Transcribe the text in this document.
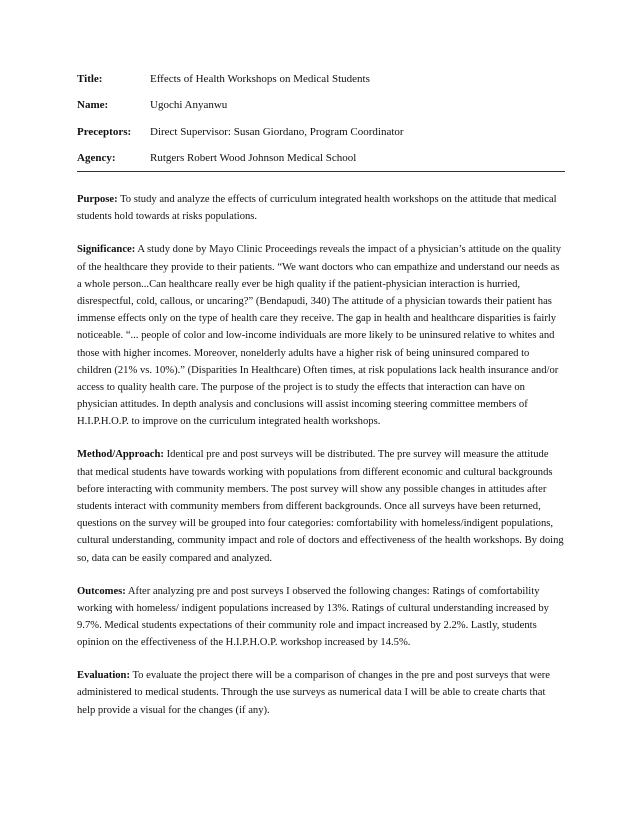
Title:	Effects of Health Workshops on Medical Students
Name:	Ugochi Anyanwu
Preceptors:	Direct Supervisor: Susan Giordano, Program Coordinator
Agency:	Rutgers Robert Wood Johnson Medical School

Purpose: To study and analyze the effects of curriculum integrated health workshops on the attitude that medical students hold towards at risks populations.

Significance: A study done by Mayo Clinic Proceedings reveals the impact of a physician’s attitude on the quality of the healthcare they provide to their patients. “We want doctors who can empathize and understand our needs as a whole person...Can healthcare really ever be high quality if the patient-physician interaction is hurried, disrespectful, cold, callous, or uncaring?” (Bendapudi, 340) The attitude of a physician towards their patient has immense effects only on the type of health care they receive. The gap in health and healthcare disparities is fairly noticeable. “... people of color and low-income individuals are more likely to be uninsured relative to whites and those with higher incomes. Moreover, nonelderly adults have a higher risk of being uninsured compared to children (21% vs. 10%).” (Disparities In Healthcare) Often times, at risk populations lack health insurance and/or access to quality health care. The purpose of the project is to study the effects that interaction can have on physician attitudes. In depth analysis and conclusions will assist incoming steering committee members of H.I.P.H.O.P. to improve on the curriculum integrated health workshops.

Method/Approach: Identical pre and post surveys will be distributed. The pre survey will measure the attitude that medical students have towards working with populations from different economic and cultural backgrounds before interacting with community members. The post survey will show any possible changes in attitudes after students interact with community members from different backgrounds. Once all surveys have been returned, questions on the survey will be grouped into four categories: comfortability with homeless/indigent populations, cultural understanding, community impact and role of doctors and effectiveness of the health workshops. By doing so, data can be easily compared and analyzed.

Outcomes: After analyzing pre and post surveys I observed the following changes: Ratings of comfortability working with homeless/ indigent populations increased by 13%. Ratings of cultural understanding increased by 9.7%. Medical students expectations of their community role and impact increased by 2.2%. Lastly, students opinion on the effectiveness of the H.I.P.H.O.P. workshop increased by 14.5%.

Evaluation: To evaluate the project there will be a comparison of changes in the pre and post surveys that were administered to medical students. Through the use surveys as numerical data I will be able to create charts that help provide a visual for the changes (if any).
